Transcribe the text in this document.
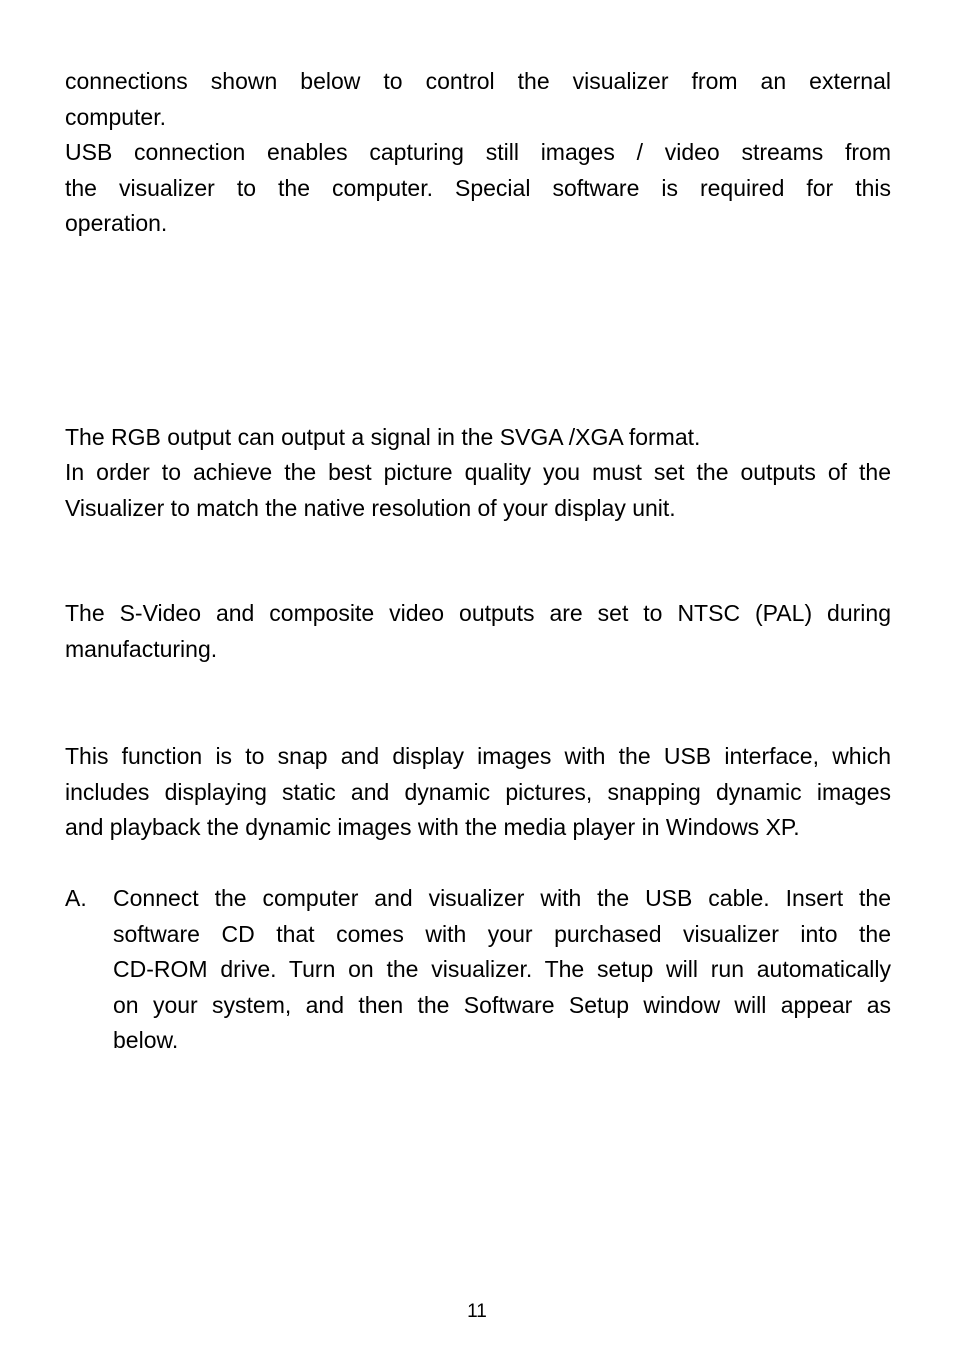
connections shown below to control the visualizer from an external
computer.

USB connection enables capturing still images / video streams from
the visualizer to the computer. Special software is required for this
operation.

The RGB output can output a signal in the SVGA /XGA format.

In order to achieve the best picture quality you must set the outputs of the
Visualizer to match the native resolution of your display unit.

The S-Video and composite video outputs are set to NTSC (PAL) during
manufacturing.

This function is to snap and display images with the USB interface, which
includes displaying static and dynamic pictures, snapping dynamic images
and playback the dynamic images with the media player in Windows XP.

A. Connect the computer and visualizer with the USB cable. Insert the
software CD that comes with your purchased visualizer into the
CD-ROM drive. Turn on the visualizer. The setup will run automatically
on your system, and then the Software Setup window will appear as
below.
11
